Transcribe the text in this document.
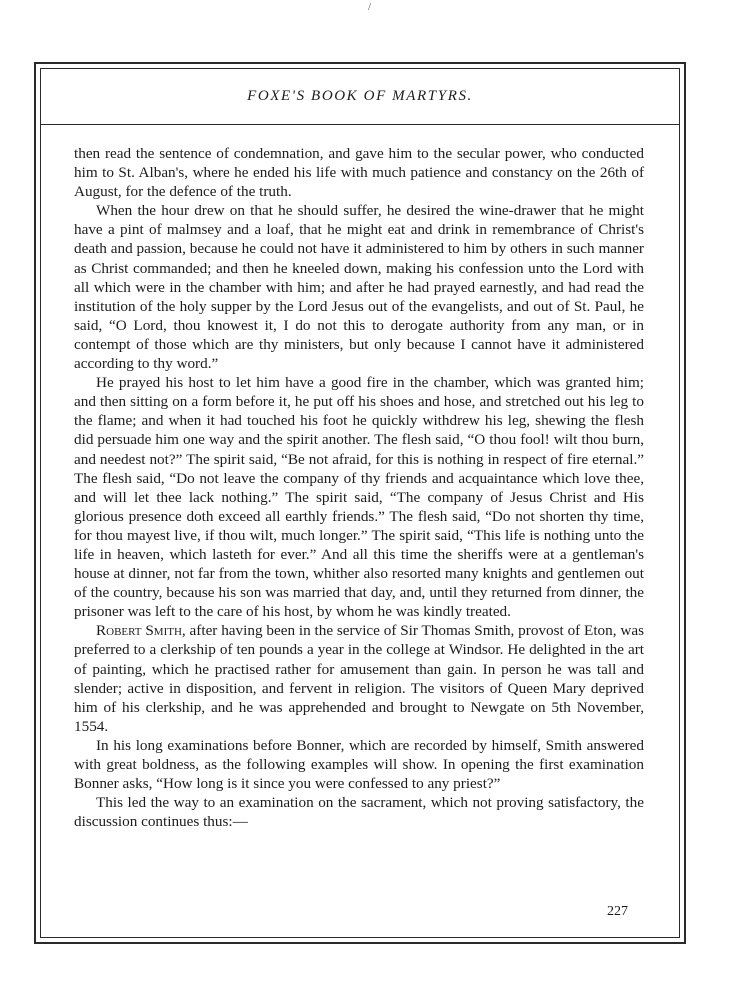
/
FOXE'S BOOK OF MARTYRS.

then read the sentence of condemnation, and gave him to the secular power, who conducted him to St. Alban's, where he ended his life with much patience and constancy on the 26th of August, for the defence of the truth.

When the hour drew on that he should suffer, he desired the wine-drawer that he might have a pint of malmsey and a loaf, that he might eat and drink in remembrance of Christ's death and passion, because he could not have it administered to him by others in such manner as Christ commanded; and then he kneeled down, making his confession unto the Lord with all which were in the chamber with him; and after he had prayed earnestly, and had read the institution of the holy supper by the Lord Jesus out of the evangelists, and out of St. Paul, he said, “O Lord, thou knowest it, I do not this to derogate authority from any man, or in contempt of those which are thy ministers, but only because I cannot have it administered according to thy word.”

He prayed his host to let him have a good fire in the chamber, which was granted him; and then sitting on a form before it, he put off his shoes and hose, and stretched out his leg to the flame; and when it had touched his foot he quickly withdrew his leg, shewing the flesh did persuade him one way and the spirit another. The flesh said, “O thou fool! wilt thou burn, and needest not?” The spirit said, “Be not afraid, for this is nothing in respect of fire eternal.” The flesh said, “Do not leave the company of thy friends and acquaintance which love thee, and will let thee lack nothing.” The spirit said, “The company of Jesus Christ and His glorious presence doth exceed all earthly friends.” The flesh said, “Do not shorten thy time, for thou mayest live, if thou wilt, much longer.” The spirit said, “This life is nothing unto the life in heaven, which lasteth for ever.” And all this time the sheriffs were at a gentleman's house at dinner, not far from the town, whither also resorted many knights and gentlemen out of the country, because his son was married that day, and, until they returned from dinner, the prisoner was left to the care of his host, by whom he was kindly treated.

Robert Smith, after having been in the service of Sir Thomas Smith, provost of Eton, was preferred to a clerkship of ten pounds a year in the college at Windsor. He delighted in the art of painting, which he practised rather for amusement than gain. In person he was tall and slender; active in disposition, and fervent in religion. The visitors of Queen Mary deprived him of his clerkship, and he was apprehended and brought to Newgate on 5th November, 1554.

In his long examinations before Bonner, which are recorded by himself, Smith answered with great boldness, as the following examples will show. In opening the first examination Bonner asks, “How long is it since you were confessed to any priest?”

This led the way to an examination on the sacrament, which not proving satisfactory, the discussion continues thus:—

227
